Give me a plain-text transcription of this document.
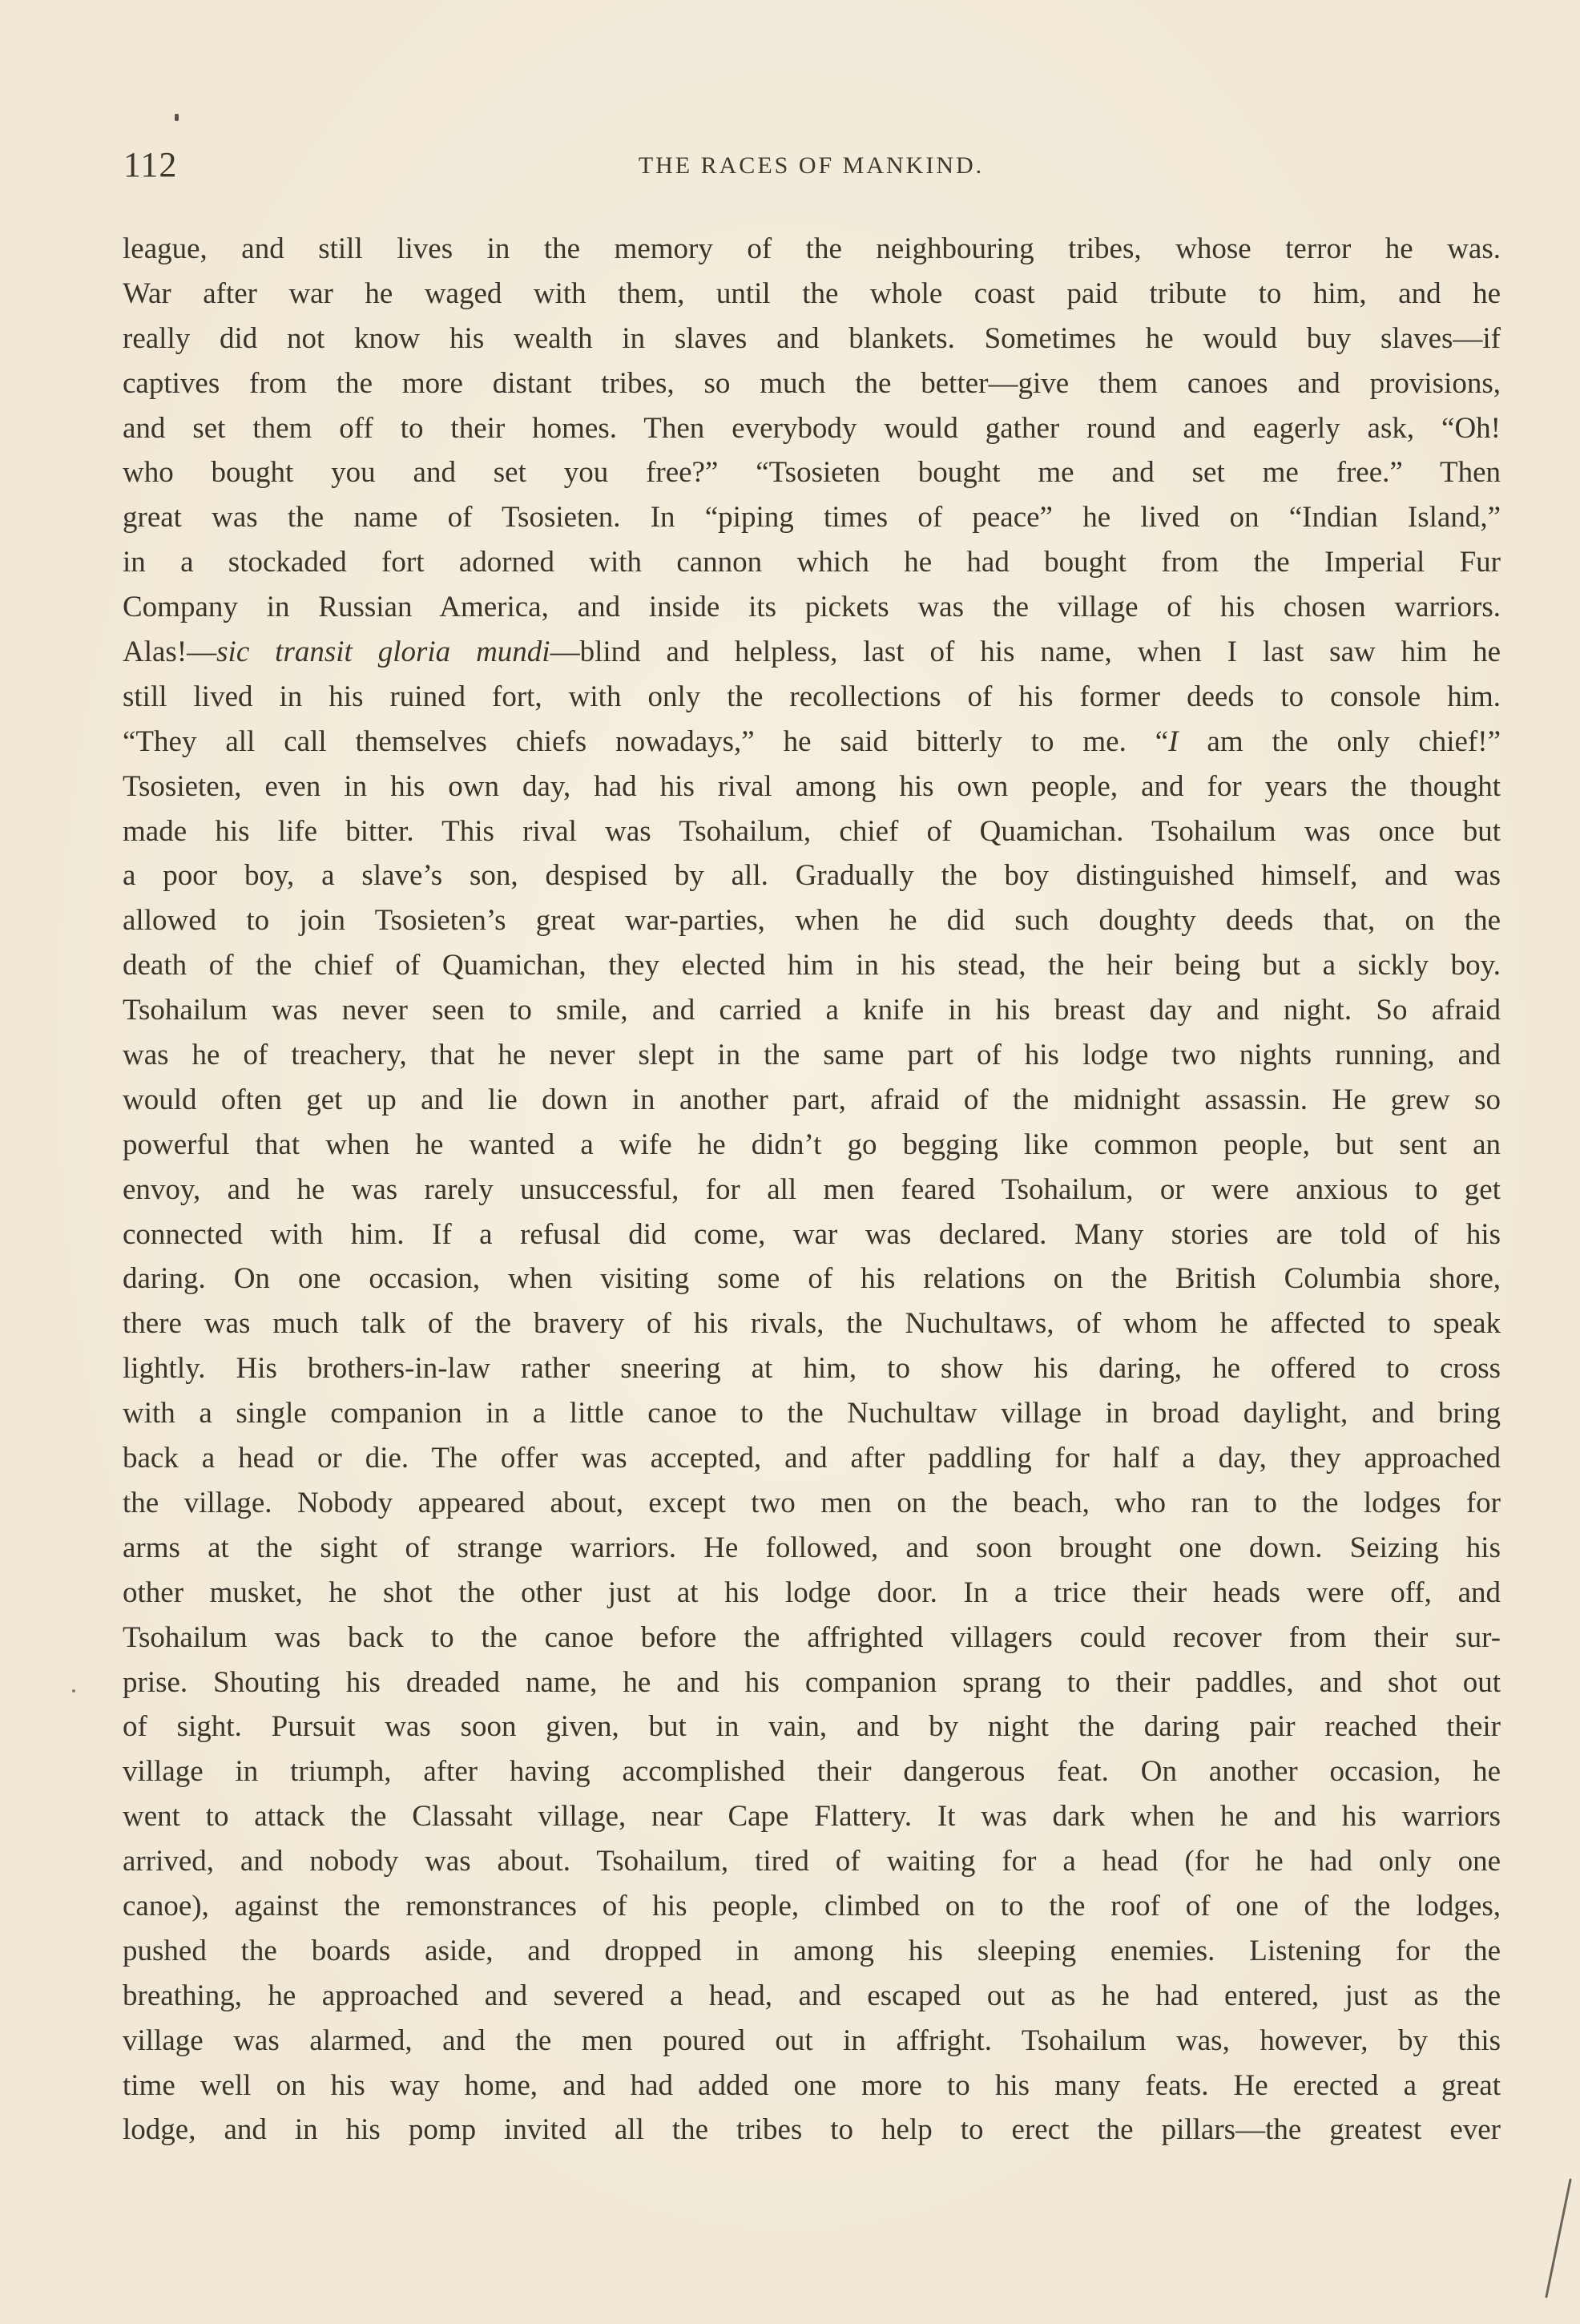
112	THE RACES OF MANKIND.
league, and still lives in the memory of the neighbouring tribes, whose terror he was.
War after war he waged with them, until the whole coast paid tribute to him, and he
really did not know his wealth in slaves and blankets. Sometimes he would buy slaves—if
captives from the more distant tribes, so much the better—give them canoes and provisions,
and set them off to their homes. Then everybody would gather round and eagerly ask, “Oh!
who bought you and set you free?” “Tsosieten bought me and set me free.” Then
great was the name of Tsosieten. In “piping times of peace” he lived on “Indian Island,”
in a stockaded fort adorned with cannon which he had bought from the Imperial Fur
Company in Russian America, and inside its pickets was the village of his chosen warriors.
Alas!—sic transit gloria mundi—blind and helpless, last of his name, when I last saw him he
still lived in his ruined fort, with only the recollections of his former deeds to console him.
“They all call themselves chiefs nowadays,” he said bitterly to me. “I am the only chief!”
Tsosieten, even in his own day, had his rival among his own people, and for years the thought
made his life bitter. This rival was Tsohailum, chief of Quamichan. Tsohailum was once but
a poor boy, a slave’s son, despised by all. Gradually the boy distinguished himself, and was
allowed to join Tsosieten’s great war-parties, when he did such doughty deeds that, on the
death of the chief of Quamichan, they elected him in his stead, the heir being but a sickly boy.
Tsohailum was never seen to smile, and carried a knife in his breast day and night. So afraid
was he of treachery, that he never slept in the same part of his lodge two nights running, and
would often get up and lie down in another part, afraid of the midnight assassin. He grew so
powerful that when he wanted a wife he didn’t go begging like common people, but sent an
envoy, and he was rarely unsuccessful, for all men feared Tsohailum, or were anxious to get
connected with him. If a refusal did come, war was declared. Many stories are told of his
daring. On one occasion, when visiting some of his relations on the British Columbia shore,
there was much talk of the bravery of his rivals, the Nuchultaws, of whom he affected to speak
lightly. His brothers-in-law rather sneering at him, to show his daring, he offered to cross
with a single companion in a little canoe to the Nuchultaw village in broad daylight, and bring
back a head or die. The offer was accepted, and after paddling for half a day, they approached
the village. Nobody appeared about, except two men on the beach, who ran to the lodges for
arms at the sight of strange warriors. He followed, and soon brought one down. Seizing his
other musket, he shot the other just at his lodge door. In a trice their heads were off, and
Tsohailum was back to the canoe before the affrighted villagers could recover from their sur-
prise. Shouting his dreaded name, he and his companion sprang to their paddles, and shot out
of sight. Pursuit was soon given, but in vain, and by night the daring pair reached their
village in triumph, after having accomplished their dangerous feat. On another occasion, he
went to attack the Classaht village, near Cape Flattery. It was dark when he and his warriors
arrived, and nobody was about. Tsohailum, tired of waiting for a head (for he had only one
canoe), against the remonstrances of his people, climbed on to the roof of one of the lodges,
pushed the boards aside, and dropped in among his sleeping enemies. Listening for the
breathing, he approached and severed a head, and escaped out as he had entered, just as the
village was alarmed, and the men poured out in affright. Tsohailum was, however, by this
time well on his way home, and had added one more to his many feats. He erected a great
lodge, and in his pomp invited all the tribes to help to erect the pillars—the greatest ever
